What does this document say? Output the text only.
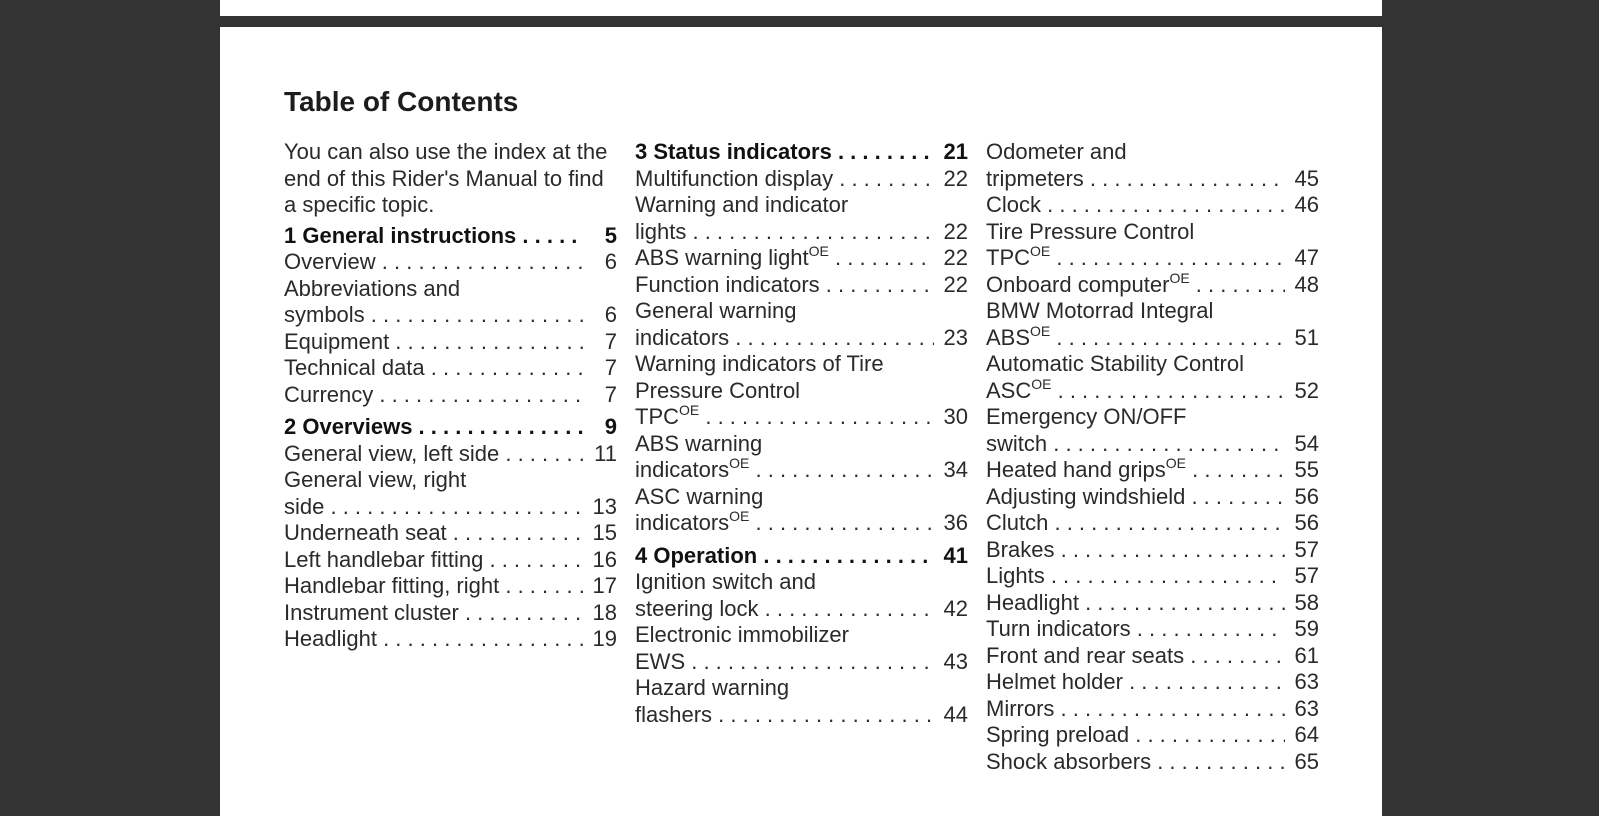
Table of Contents

You can also use the index at the end of this Rider's Manual to find a specific topic.

1 General instructions . . .	5
Overview . . .	6
Abbreviations and
symbols . . .	6
Equipment . . .	7
Technical data . . .	7
Currency . . .	7
2 Overviews . . .	9
General view, left side . . .	11
General view, right
side . . .	13
Underneath seat . . .	15
Left handlebar fitting . . .	16
Handlebar fitting, right . . .	17
Instrument cluster . . .	18
Headlight . . .	19
3 Status indicators . . .	21
Multifunction display . . .	22
Warning and indicator
lights . . .	22
ABS warning light$^{OE}$ . . .	22
Function indicators . . .	22
General warning
indicators . . .	23
Warning indicators of Tire
Pressure Control
$TPC^{OE}$ . . .	30
ABS warning
indicators$^{OE}$ . . .	34
ASC warning
indicators$^{OE}$ . . .	36
4 Operation . . .	41
Ignition switch and
steering lock . . .	42
Electronic immobilizer
EWS . . .	43
Hazard warning
flashers . . .	44
Odometer and
tripmeters . . .	45
Clock . . .	46
Tire Pressure Control
$TPC^{OE}$ . . .	47
Onboard computer$^{OE}$ . . .	48
BMW Motorrad Integral
$ABS^{OE}$ . . .	51
Automatic Stability Control
$ASC^{OE}$ . . .	52
Emergency ON/OFF
switch . . .	54
Heated hand grips$^{OE}$ . . .	55
Adjusting windshield . . .	56
Clutch . . .	56
Brakes . . .	57
Lights . . .	57
Headlight . . .	58
Turn indicators . . .	59
Front and rear seats . . .	61
Helmet holder . . .	63
Mirrors . . .	63
Spring preload . . .	64
Shock absorbers . . .	65
